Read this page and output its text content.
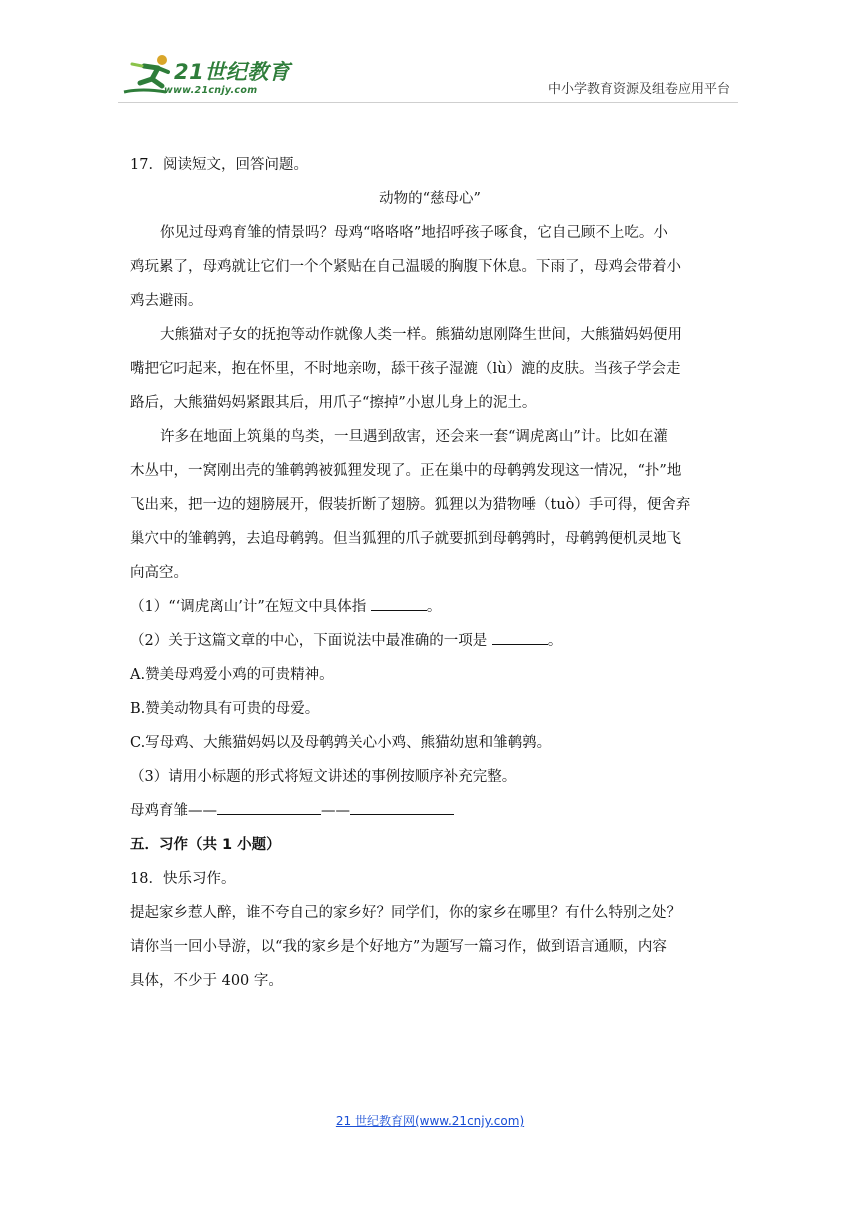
21世纪教育
www.21cnjy.com	中小学教育资源及组卷应用平台
17．阅读短文，回答问题。
动物的“慈母心”
你见过母鸡育雏的情景吗？母鸡“咯咯咯”地招呼孩子啄食，它自己顾不上吃。小
鸡玩累了，母鸡就让它们一个个紧贴在自己温暖的胸腹下休息。下雨了，母鸡会带着小
鸡去避雨。
大熊猫对子女的抚抱等动作就像人类一样。熊猫幼崽刚降生世间，大熊猫妈妈便用
嘴把它叼起来，抱在怀里，不时地亲吻，舔干孩子湿漉（lù）漉的皮肤。当孩子学会走
路后，大熊猫妈妈紧跟其后，用爪子“擦掉”小崽儿身上的泥土。
许多在地面上筑巢的鸟类，一旦遇到敌害，还会来一套“调虎离山”计。比如在灌
木丛中，一窝刚出壳的雏鹌鹑被狐狸发现了。正在巢中的母鹌鹑发现这一情况，“扑”地
飞出来，把一边的翅膀展开，假装折断了翅膀。狐狸以为猎物唾（tuò）手可得，便舍弃
巢穴中的雏鹌鹑，去追母鹌鹑。但当狐狸的爪子就要抓到母鹌鹑时，母鹌鹑便机灵地飞
向高空。
（1）“‘调虎离山’计”在短文中具体指	。
（2）关于这篇文章的中心，下面说法中最准确的一项是	。
A.赞美母鸡爱小鸡的可贵精神。
B.赞美动物具有可贵的母爱。
C.写母鸡、大熊猫妈妈以及母鹌鹑关心小鸡、熊猫幼崽和雏鹌鹑。
（3）请用小标题的形式将短文讲述的事例按顺序补充完整。
母鸡育雏——	——
五．习作（共 1 小题）
18．快乐习作。
提起家乡惹人醉，谁不夸自己的家乡好？同学们，你的家乡在哪里？有什么特别之处？
请你当一回小导游，以“我的家乡是个好地方”为题写一篇习作，做到语言通顺，内容
具体，不少于 400 字。
21 世纪教育网(www.21cnjy.com)
